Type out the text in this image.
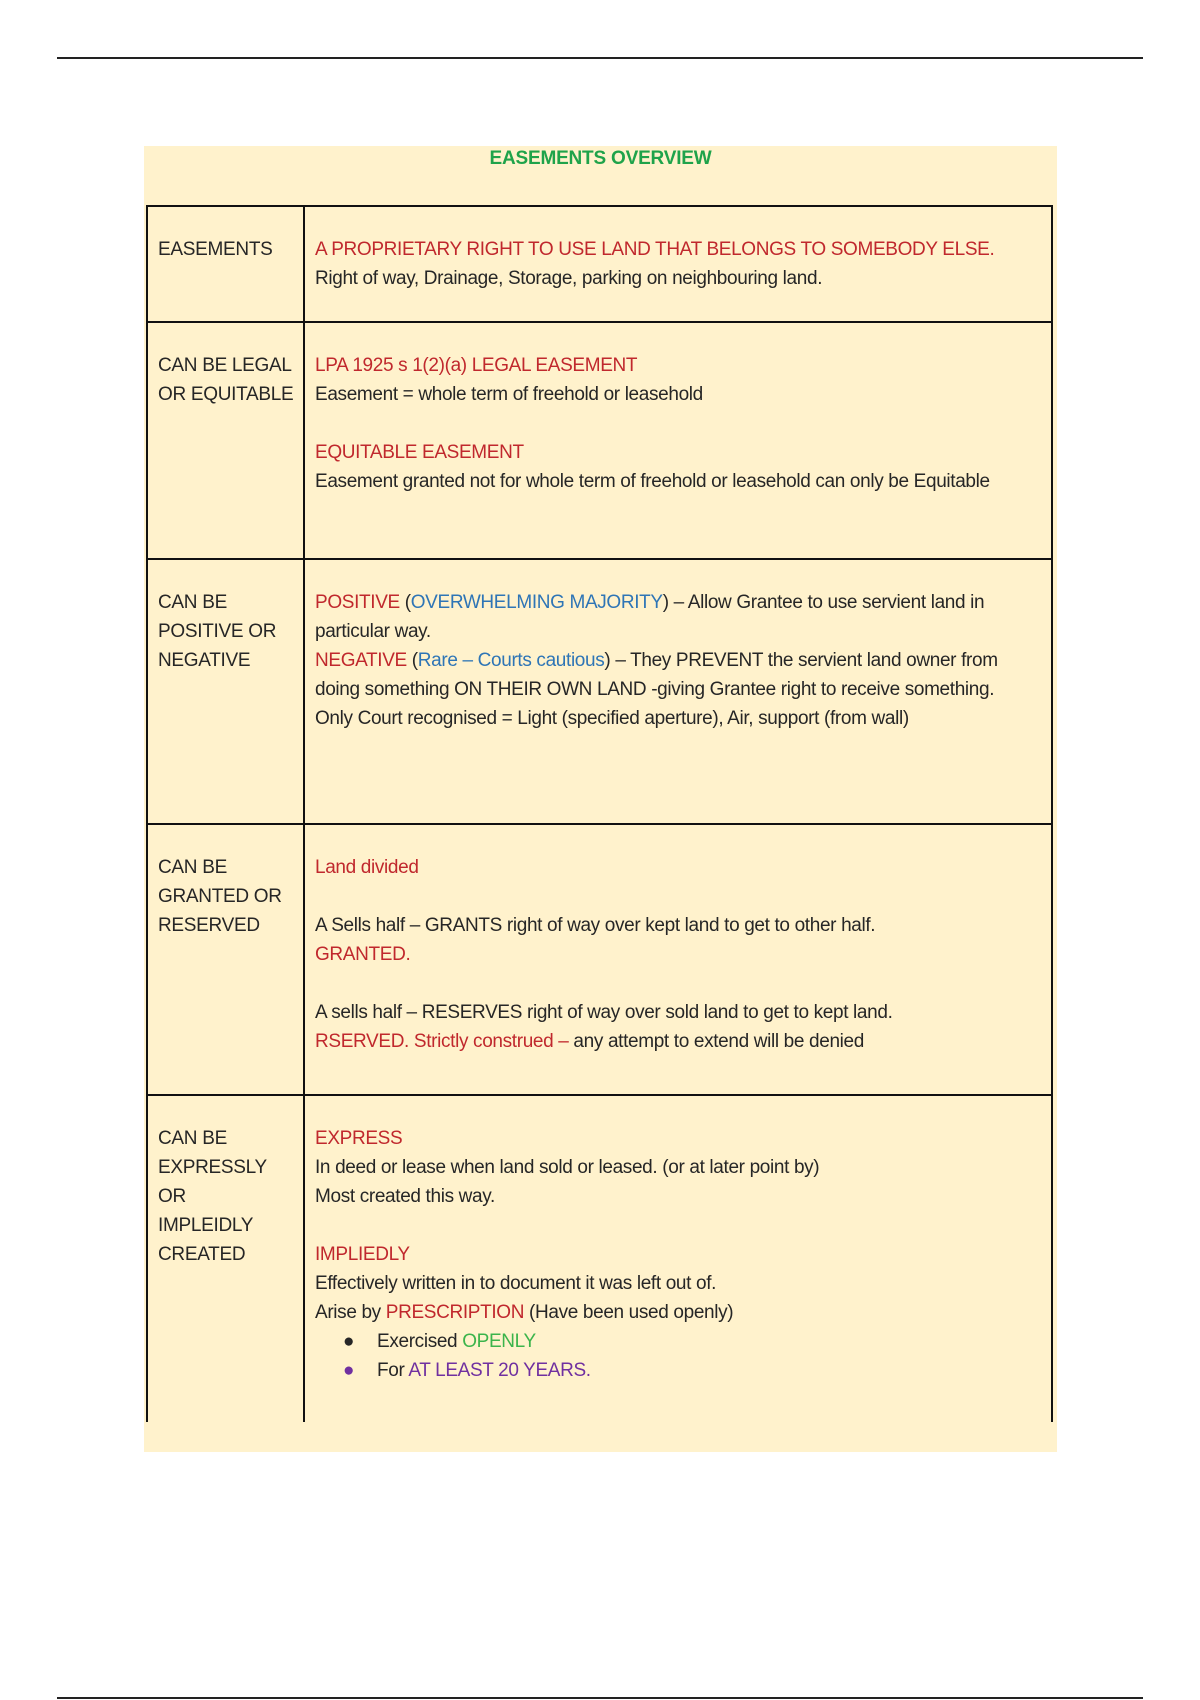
EASEMENTS OVERVIEW
EASEMENTS	A PROPRIETARY RIGHT TO USE LAND THAT BELONGS TO SOMEBODY ELSE.

Right of way, Drainage, Storage, parking on neighbouring land.

CAN BE LEGAL OR EQUITABLE

LPA 1925 s 1(2)(a) LEGAL EASEMENT

Easement = whole term of freehold or leasehold

EQUITABLE EASEMENT

Easement granted not for whole term of freehold or leasehold can only be Equitable

CAN BE POSITIVE OR NEGATIVE

POSITIVE (OVERWHELMING MAJORITY) – Allow Grantee to use servient land in particular way.

NEGATIVE (Rare – Courts cautious) – They PREVENT the servient land owner from doing something ON THEIR OWN LAND -giving Grantee right to receive something.

Only Court recognised = Light (specified aperture), Air, support (from wall)

CAN BE GRANTED OR RESERVED

Land divided

A Sells half – GRANTS right of way over kept land to get to other half.

GRANTED.

A sells half – RESERVES right of way over sold land to get to kept land.

RSERVED. Strictly construed – any attempt to extend will be denied

CAN BE EXPRESSLY OR IMPLEIDLY CREATED

EXPRESS

In deed or lease when land sold or leased. (or at later point by)

Most created this way.

IMPLIEDLY

Effectively written in to document it was left out of.

Arise by PRESCRIPTION (Have been used openly)

● Exercised OPENLY
● For AT LEAST 20 YEARS.
